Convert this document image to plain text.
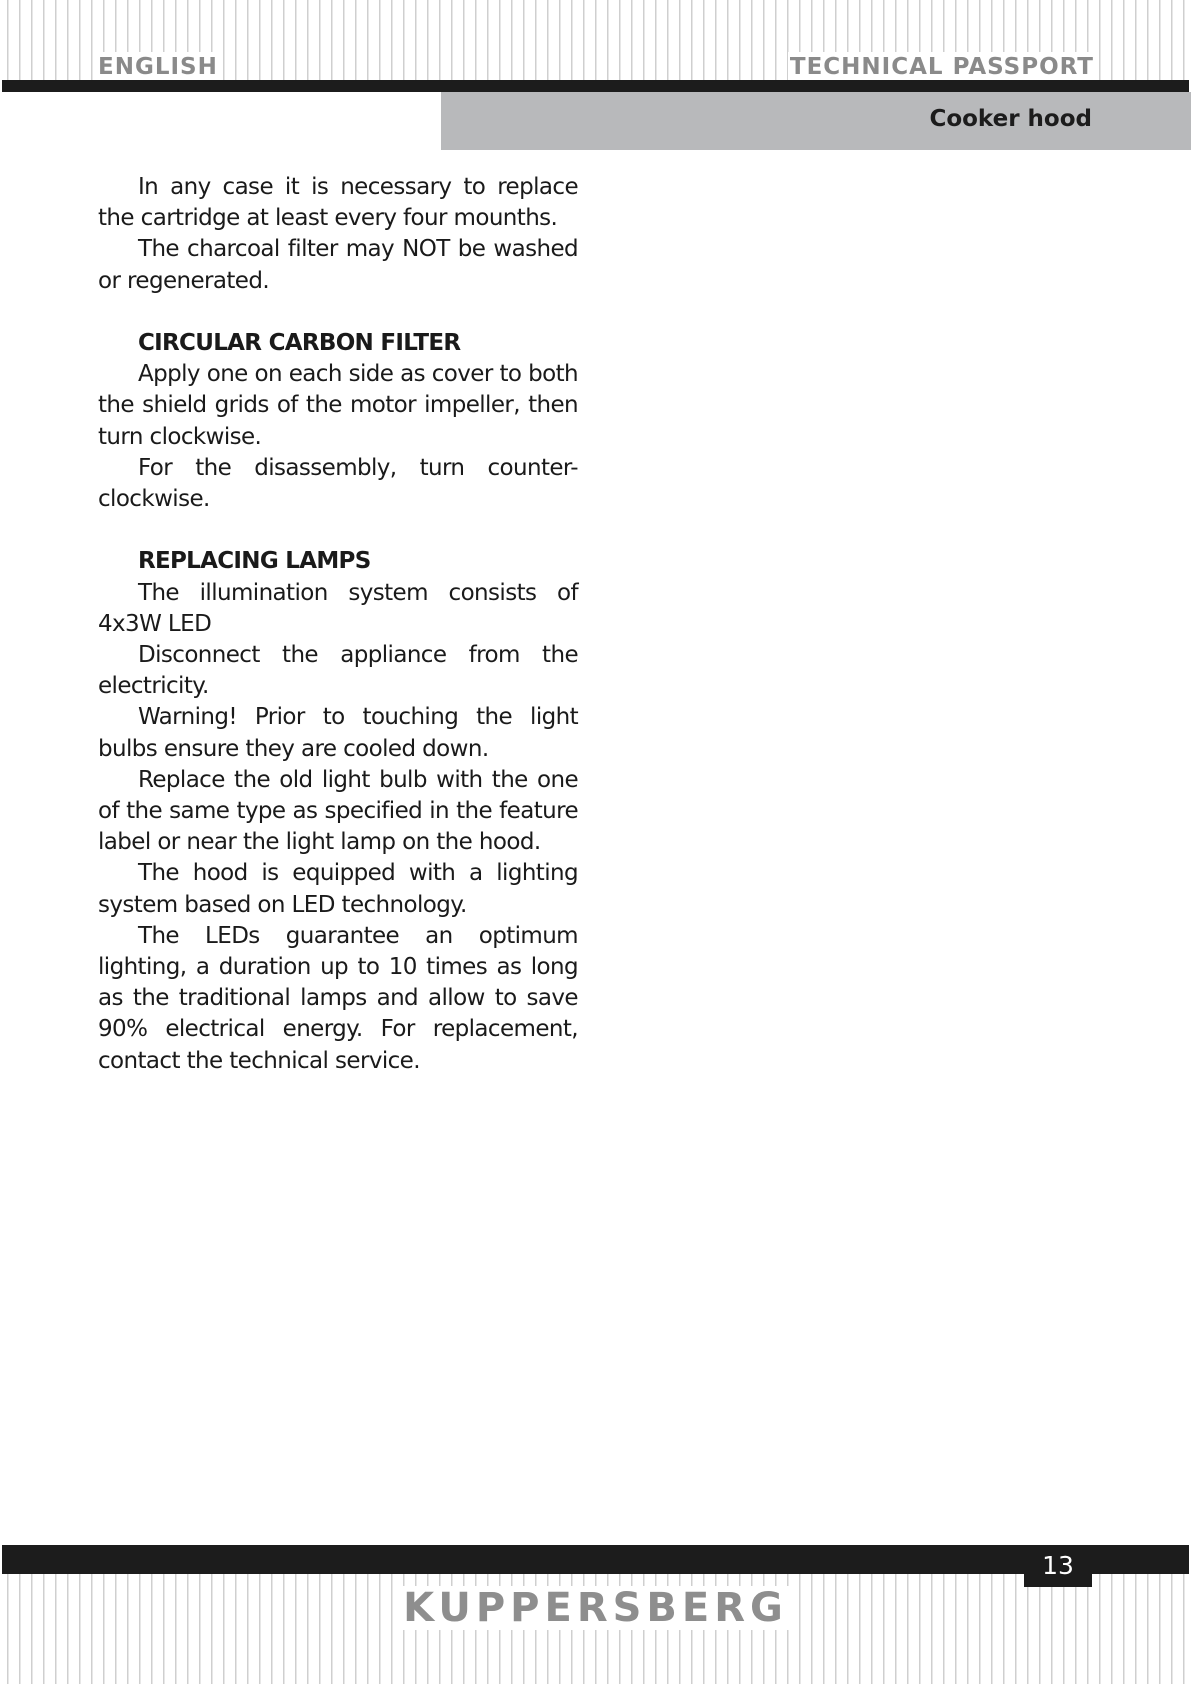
ENGLISH	TECHNICAL PASSPORT
Cooker hood

In any case it is necessary to replace the cartridge at least every four mounths.

The charcoal filter may NOT be washed or regenerated.

CIRCULAR CARBON FILTER

Apply one on each side as cover to both the shield grids of the motor impeller, then turn clockwise.

For the disassembly, turn counter-clockwise.

REPLACING LAMPS

The illumination system consists of 4x3W LED

Disconnect the appliance from the electricity.

Warning! Prior to touching the light bulbs ensure they are cooled down.

Replace the old light bulb with the one of the same type as specified in the feature label or near the light lamp on the hood.

The hood is equipped with a lighting system based on LED technology.

The LEDs guarantee an optimum lighting, a duration up to 10 times as long as the traditional lamps and allow to save 90% electrical energy. For replacement, contact the technical service.

13
KUPPERSBERG
